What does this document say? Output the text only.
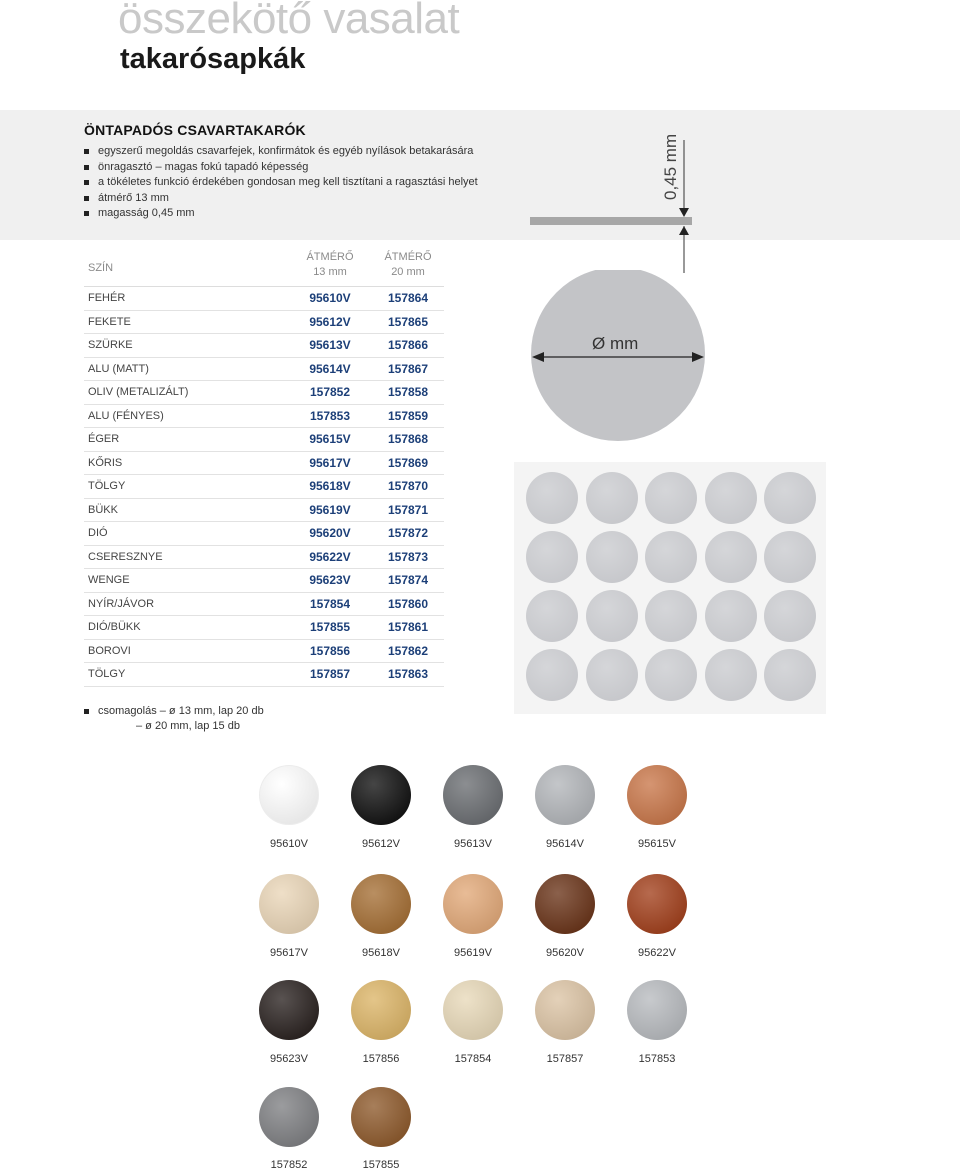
összekötő vasalat
takarósapkák
ÖNTAPADÓS CSAVARTAKARÓK
egyszerű megoldás csavarfejek, konfirmátok és egyéb nyílások betakarására
önragasztó – magas fokú tapadó képesség
a tökéletes funkció érdekében gondosan meg kell tisztítani a ragasztási helyet
átmérő 13 mm
magasság 0,45 mm
0,45 mm
Ø mm
SZÍN
ÁTMÉRŐ
13 mm
ÁTMÉRŐ
20 mm
FEHÉR	95610V	157864
FEKETE	95612V	157865
SZÜRKE	95613V	157866
ALU (MATT)	95614V	157867
OLIV (METALIZÁLT)	157852	157858
ALU (FÉNYES)	157853	157859
ÉGER	95615V	157868
KŐRIS	95617V	157869
TÖLGY	95618V	157870
BÜKK	95619V	157871
DIÓ	95620V	157872
CSERESZNYE	95622V	157873
WENGE	95623V	157874
NYÍR/JÁVOR	157854	157860
DIÓ/BÜKK	157855	157861
BOROVI	157856	157862
TÖLGY	157857	157863
csomagolás – ø 13 mm, lap 20 db
– ø 20 mm, lap 15 db
95610V	95612V	95613V	95614V	95615V
95617V	95618V	95619V	95620V	95622V
95623V	157856	157854	157857	157853
157852	157855
